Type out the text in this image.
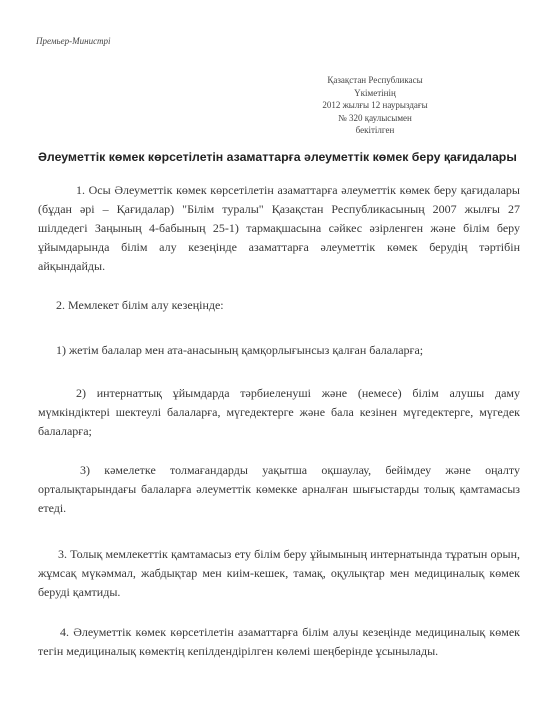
Премьер-Министрі
Қазақстан Республикасы
Үкіметінің
2012 жылғы 12 наурыздағы
№ 320 қаулысымен
бекітілген
Әлеуметтік көмек көрсетілетін азаматтарға әлеуметтік көмек беру қағидалары
1. Осы Әлеуметтік көмек көрсетілетін азаматтарға әлеуметтік көмек беру қағидалары (бұдан әрі – Қағидалар) "Білім туралы" Қазақстан Республикасының 2007 жылғы 27 шілдедегі Заңының 4-бабының 25-1) тармақшасына сәйкес әзірленген және білім беру ұйымдарында білім алу кезеңінде азаматтарға әлеуметтік көмек берудің тәртібін айқындайды.
2. Мемлекет білім алу кезеңінде:
1) жетім балалар мен ата-анасының қамқорлығынсыз қалған балаларға;
2) интернаттық ұйымдарда тәрбиеленуші және (немесе) білім алушы даму мүмкіндіктері шектеулі балаларға, мүгедектерге және бала кезінен мүгедектерге, мүгедек балаларға;
3) кәмелетке толмағандарды уақытша оқшаулау, бейімдеу және оңалту орталықтарындағы балаларға әлеуметтік көмекке арналған шығыстарды толық қамтамасыз етеді.
3. Толық мемлекеттік қамтамасыз ету білім беру ұйымының интернатында тұратын орын, жұмсақ мүкәммал, жабдықтар мен киім-кешек, тамақ, оқулықтар мен медициналық көмек беруді қамтиды.
4. Әлеуметтік көмек көрсетілетін азаматтарға білім алуы кезеңінде медициналық көмек тегін медициналық көмектің кепілдендірілген көлемі шеңберінде ұсынылады.
